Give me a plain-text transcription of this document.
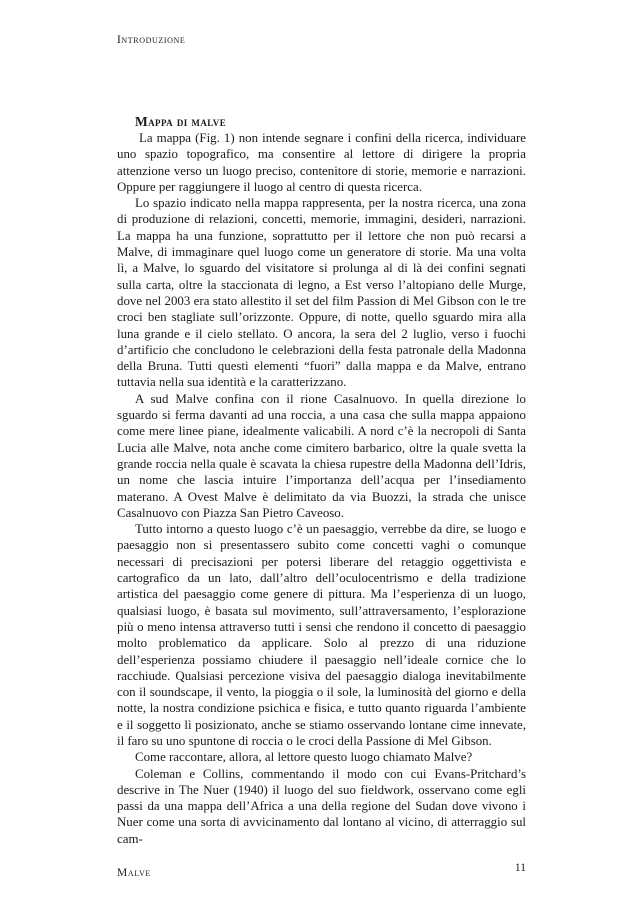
Introduzione
Mappa di malve

La mappa (Fig. 1) non intende segnare i confini della ricerca, individuare uno spazio topografico, ma consentire al lettore di dirigere la propria attenzione verso un luogo preciso, contenitore di storie, memorie e narrazioni. Oppure per raggiungere il luogo al centro di questa ricerca.

Lo spazio indicato nella mappa rappresenta, per la nostra ricerca, una zona di produzione di relazioni, concetti, memorie, immagini, desideri, narrazioni. La mappa ha una funzione, soprattutto per il lettore che non può recarsi a Malve, di immaginare quel luogo come un generatore di storie. Ma una volta lì, a Malve, lo sguardo del visitatore si prolunga al di là dei confini segnati sulla carta, oltre la staccionata di legno, a Est verso l’altopiano delle Murge, dove nel 2003 era stato allestito il set del film Passion di Mel Gibson con le tre croci ben stagliate sull’orizzonte. Oppure, di notte, quello sguardo mira alla luna grande e il cielo stellato. O ancora, la sera del 2 luglio, verso i fuochi d’artificio che concludono le celebrazioni della festa patronale della Madonna della Bruna. Tutti questi elementi “fuori” dalla mappa e da Malve, entrano tuttavia nella sua identità e la caratterizzano.

A sud Malve confina con il rione Casalnuovo. In quella direzione lo sguardo si ferma davanti ad una roccia, a una casa che sulla mappa appaiono come mere linee piane, idealmente valicabili. A nord c’è la necropoli di Santa Lucia alle Malve, nota anche come cimitero barbarico, oltre la quale svetta la grande roccia nella quale è scavata la chiesa rupestre della Madonna dell’Idris, un nome che lascia intuire l’importanza dell’acqua per l’insediamento materano. A Ovest Malve è delimitato da via Buozzi, la strada che unisce Casalnuovo con Piazza San Pietro Caveoso.

Tutto intorno a questo luogo c’è un paesaggio, verrebbe da dire, se luogo e paesaggio non si presentassero subito come concetti vaghi o comunque necessari di precisazioni per potersi liberare del retaggio oggettivista e cartografico da un lato, dall’altro dell’oculocentrismo e della tradizione artistica del paesaggio come genere di pittura. Ma l’esperienza di un luogo, qualsiasi luogo, è basata sul movimento, sull’attraversamento, l’esplorazione più o meno intensa attraverso tutti i sensi che rendono il concetto di paesaggio molto problematico da applicare. Solo al prezzo di una riduzione dell’esperienza possiamo chiudere il paesaggio nell’ideale cornice che lo racchiude. Qualsiasi percezione visiva del paesaggio dialoga inevitabilmente con il soundscape, il vento, la pioggia o il sole, la luminosità del giorno e della notte, la nostra condizione psichica e fisica, e tutto quanto riguarda l’ambiente e il soggetto lì posizionato, anche se stiamo osservando lontane cime innevate, il faro su uno spuntone di roccia o le croci della Passione di Mel Gibson.

Come raccontare, allora, al lettore questo luogo chiamato Malve?

Coleman e Collins, commentando il modo con cui Evans-Pritchard’s descrive in The Nuer (1940) il luogo del suo fieldwork, osservano come egli passi da una mappa dell’Africa a una della regione del Sudan dove vivono i Nuer come una sorta di avvicinamento dal lontano al vicino, di atterraggio sul cam-

Malve	11
